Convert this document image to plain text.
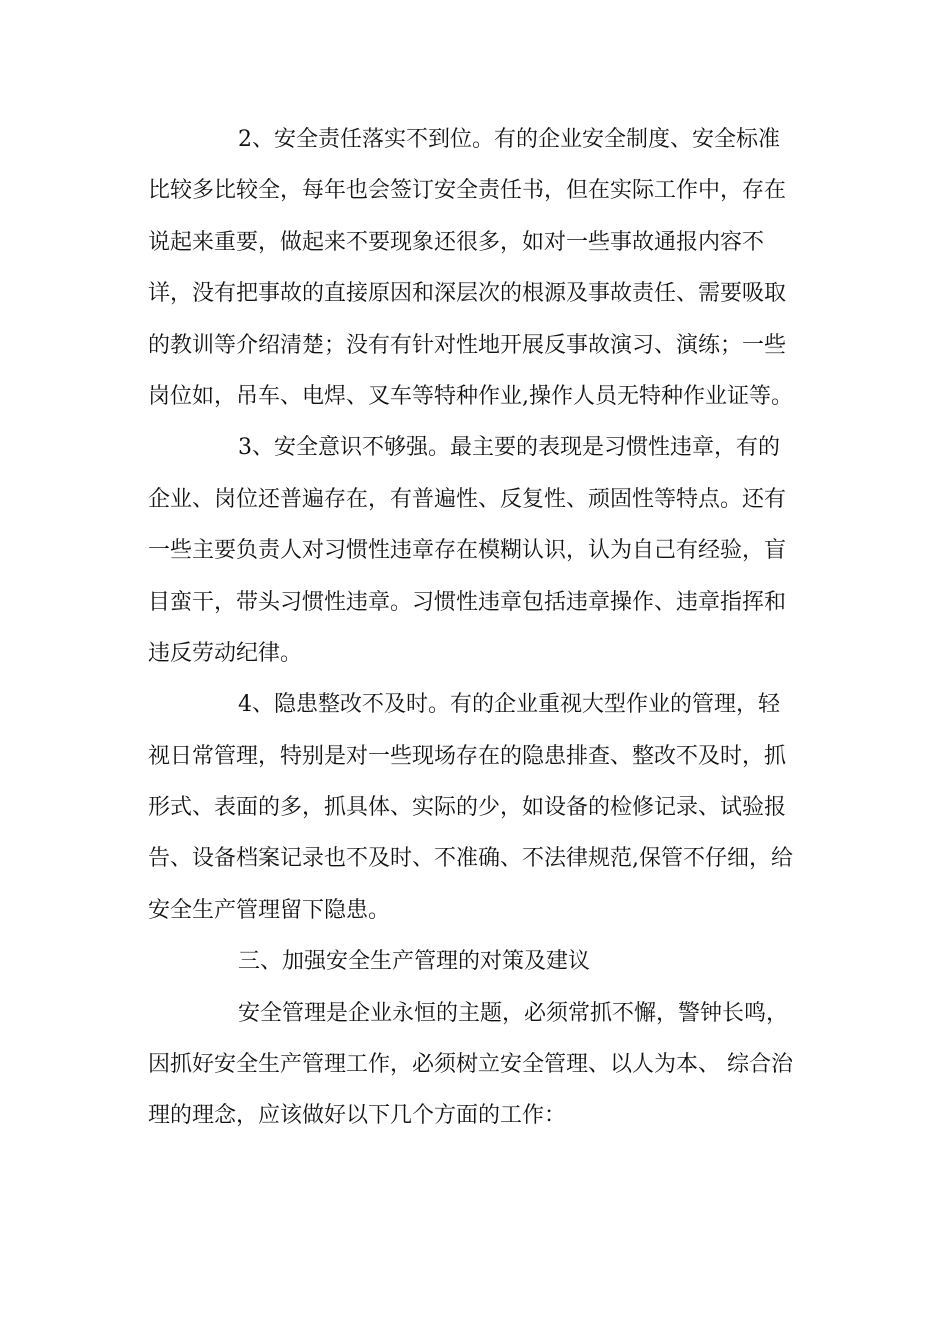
2、安全责任落实不到位。有的企业安全制度、安全标准
比较多比较全，每年也会签订安全责任书，但在实际工作中，存在
说起来重要，做起来不要现象还很多，如对一些事故通报内容不
详，没有把事故的直接原因和深层次的根源及事故责任、需要吸取
的教训等介绍清楚；没有有针对性地开展反事故演习、演练；一些
岗位如，吊车、电焊、叉车等特种作业,操作人员无特种作业证等。
3、安全意识不够强。最主要的表现是习惯性违章，有的
企业、岗位还普遍存在，有普遍性、反复性、顽固性等特点。还有
一些主要负责人对习惯性违章存在模糊认识，认为自己有经验，盲
目蛮干，带头习惯性违章。习惯性违章包括违章操作、违章指挥和
违反劳动纪律。
4、隐患整改不及时。有的企业重视大型作业的管理，轻
视日常管理，特别是对一些现场存在的隐患排查、整改不及时，抓
形式、表面的多，抓具体、实际的少，如设备的检修记录、试验报
告、设备档案记录也不及时、不准确、不法律规范,保管不仔细，给
安全生产管理留下隐患。
三、加强安全生产管理的对策及建议
安全管理是企业永恒的主题，必须常抓不懈，警钟长鸣，
因抓好安全生产管理工作，必须树立安全管理、以人为本、 综合治
理的理念，应该做好以下几个方面的工作：
